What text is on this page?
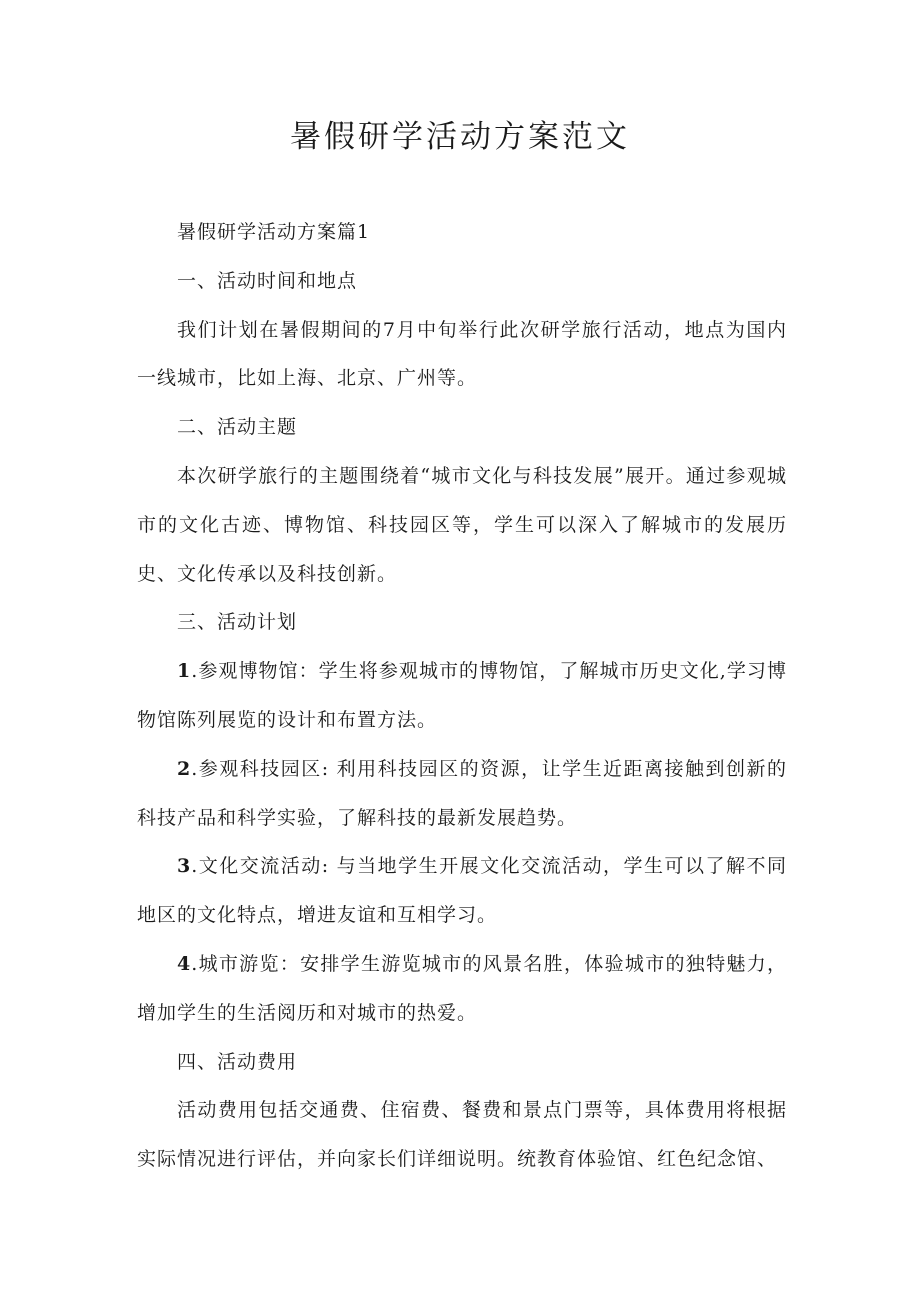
暑假研学活动方案范文

暑假研学活动方案篇1

一、活动时间和地点

我们计划在暑假期间的7月中旬举行此次研学旅行活动，地点为国内一线城市，比如上海、北京、广州等。

二、活动主题

本次研学旅行的主题围绕着“城市文化与科技发展”展开。通过参观城市的文化古迹、博物馆、科技园区等，学生可以深入了解城市的发展历史、文化传承以及科技创新。

三、活动计划

1.参观博物馆：学生将参观城市的博物馆，了解城市历史文化,学习博物馆陈列展览的设计和布置方法。

2.参观科技园区: 利用科技园区的资源，让学生近距离接触到创新的科技产品和科学实验，了解科技的最新发展趋势。

3.文化交流活动: 与当地学生开展文化交流活动，学生可以了解不同地区的文化特点，增进友谊和互相学习。

4.城市游览：安排学生游览城市的风景名胜，体验城市的独特魅力，增加学生的生活阅历和对城市的热爱。

四、活动费用

活动费用包括交通费、住宿费、餐费和景点门票等，具体费用将根据实际情况进行评估，并向家长们详细说明。统教育体验馆、红色纪念馆、
